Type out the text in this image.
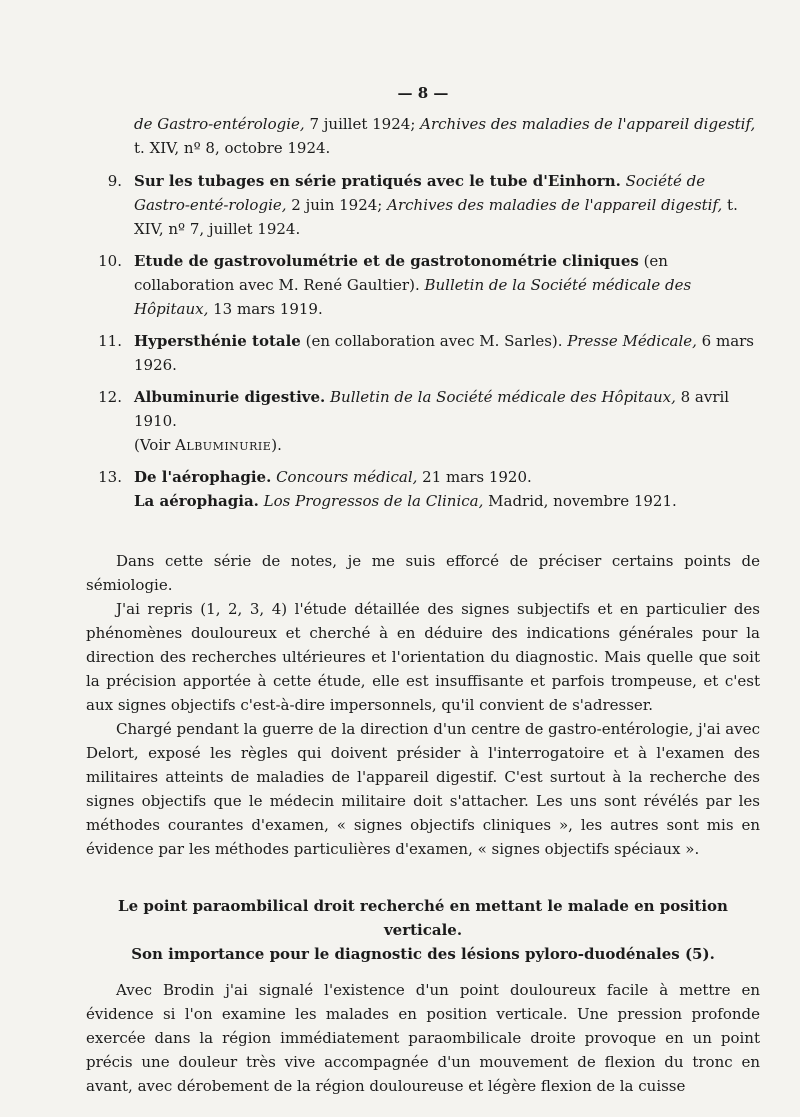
— 8 —
de Gastro-entérologie, 7 juillet 1924; Archives des maladies de l'appareil digestif, t. XIV, nº 8, octobre 1924.
9. Sur les tubages en série pratiqués avec le tube d'Einhorn. Société de Gastro-enté-rologie, 2 juin 1924; Archives des maladies de l'appareil digestif, t. XIV, nº 7, juillet 1924.
10. Etude de gastrovolumétrie et de gastrotonométrie cliniques (en collaboration avec M. René Gaultier). Bulletin de la Société médicale des Hôpitaux, 13 mars 1919.
11. Hypersthénie totale (en collaboration avec M. Sarles). Presse Médicale, 6 mars 1926.
12. Albuminurie digestive. Bulletin de la Société médicale des Hôpitaux, 8 avril 1910.
(Voir Albuminurie).
13. De l'aérophagie. Concours médical, 21 mars 1920.
La aérophagia. Los Progressos de la Clinica, Madrid, novembre 1921.

Dans cette série de notes, je me suis efforcé de préciser certains points de sémiologie.

J'ai repris (1, 2, 3, 4) l'étude détaillée des signes subjectifs et en particulier des phénomènes douloureux et cherché à en déduire des indications générales pour la direction des recherches ultérieures et l'orientation du diagnostic. Mais quelle que soit la précision apportée à cette étude, elle est insuffisante et parfois trompeuse, et c'est aux signes objectifs c'est-à-dire impersonnels, qu'il convient de s'adresser.

Chargé pendant la guerre de la direction d'un centre de gastro-entérologie, j'ai avec Delort, exposé les règles qui doivent présider à l'interrogatoire et à l'examen des militaires atteints de maladies de l'appareil digestif. C'est surtout à la recherche des signes objectifs que le médecin militaire doit s'attacher. Les uns sont révélés par les méthodes courantes d'examen, « signes objectifs cliniques », les autres sont mis en évidence par les méthodes particulières d'examen, « signes objectifs spéciaux ».

Le point paraombilical droit recherché en mettant le malade en position verticale.
Son importance pour le diagnostic des lésions pyloro-duodénales (5).

Avec Brodin j'ai signalé l'existence d'un point douloureux facile à mettre en évidence si l'on examine les malades en position verticale. Une pression profonde exercée dans la région immédiatement paraombilicale droite provoque en un point précis une douleur très vive accompagnée d'un mouvement de flexion du tronc en avant, avec dérobement de la région douloureuse et légère flexion de la cuisse
